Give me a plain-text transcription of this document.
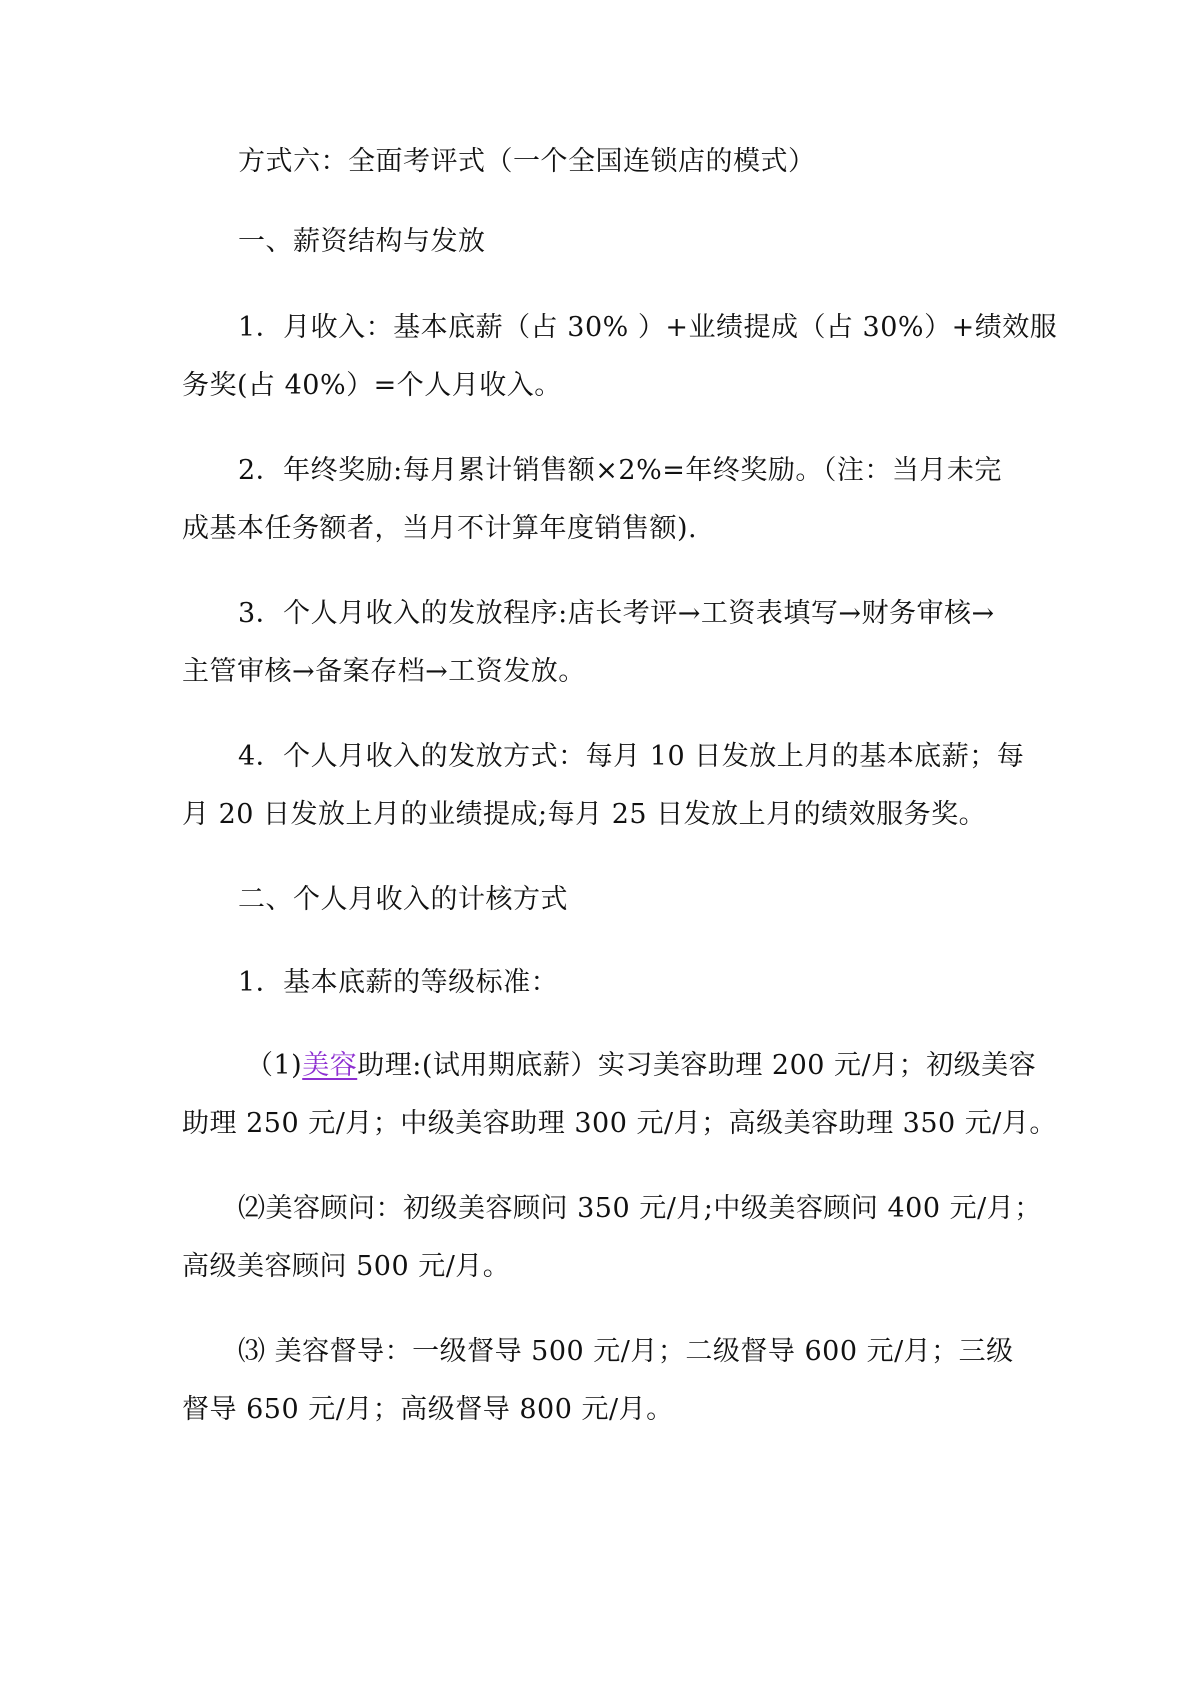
方式六：全面考评式（一个全国连锁店的模式）
一、薪资结构与发放
1．月收入：基本底薪（占 30% ）+业绩提成（占 30%）+绩效服
务奖(占 40%）=个人月收入。
2．年终奖励:每月累计销售额×2%=年终奖励。（注：当月未完
成基本任务额者，当月不计算年度销售额).
3．个人月收入的发放程序:店长考评→工资表填写→财务审核→
主管审核→备案存档→工资发放。
4．个人月收入的发放方式：每月 10 日发放上月的基本底薪；每
月 20 日发放上月的业绩提成;每月 25 日发放上月的绩效服务奖。
二、个人月收入的计核方式
1．基本底薪的等级标准：
（1)美容助理:(试用期底薪）实习美容助理 200 元/月；初级美容
助理 250 元/月；中级美容助理 300 元/月；高级美容助理 350 元/月。
⑵美容顾问：初级美容顾问 350 元/月;中级美容顾问 400 元/月；
高级美容顾问 500 元/月。
⑶ 美容督导：一级督导 500 元/月；二级督导 600 元/月；三级
督导 650 元/月；高级督导 800 元/月。
